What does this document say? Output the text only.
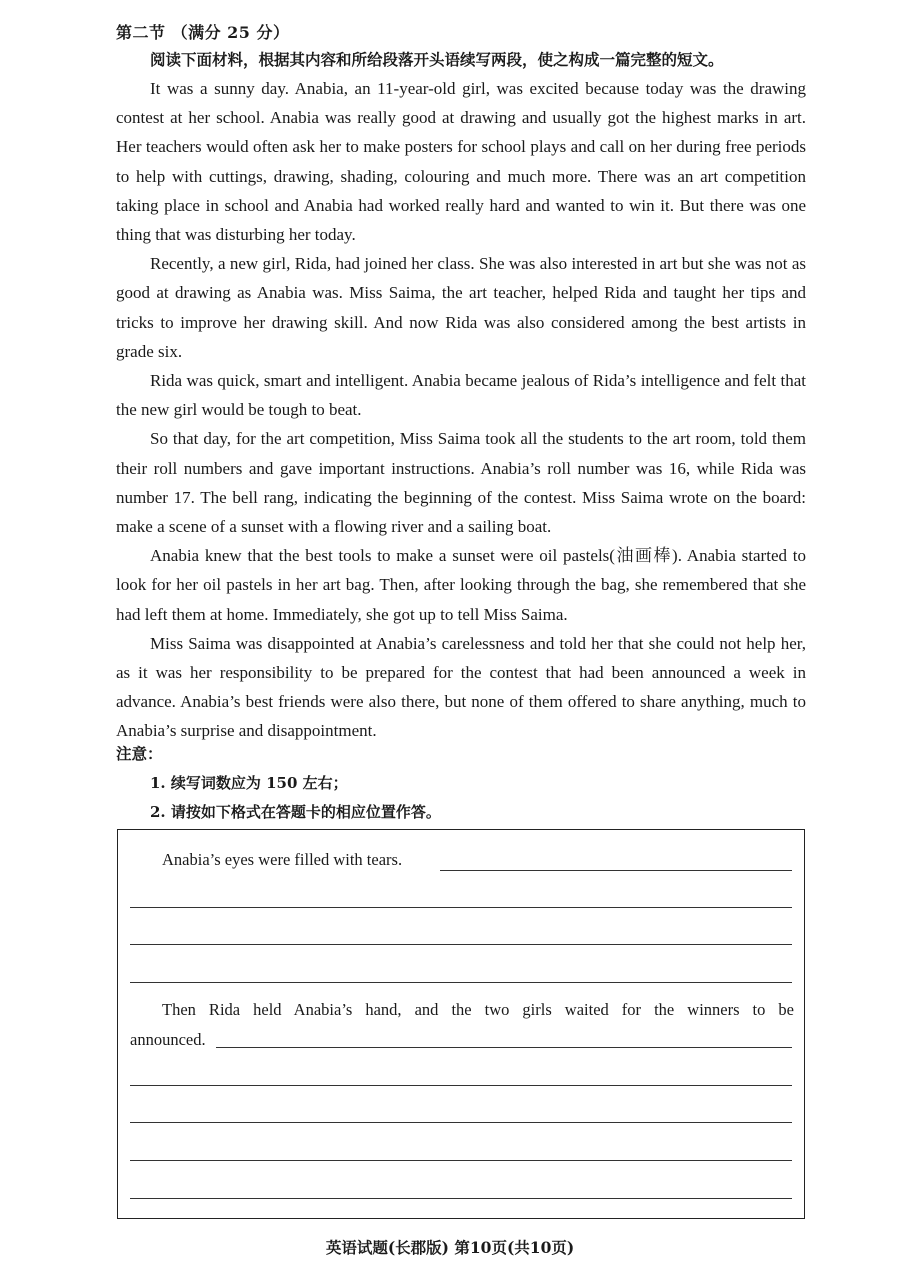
第二节 （满分 25 分）
阅读下面材料，根据其内容和所给段落开头语续写两段，使之构成一篇完整的短文。

It was a sunny day. Anabia, an 11-year-old girl, was excited because today was the drawing contest at her school. Anabia was really good at drawing and usually got the highest marks in art. Her teachers would often ask her to make posters for school plays and call on her during free periods to help with cuttings, drawing, shading, colouring and much more. There was an art competition taking place in school and Anabia had worked really hard and wanted to win it. But there was one thing that was disturbing her today.

Recently, a new girl, Rida, had joined her class. She was also interested in art but she was not as good at drawing as Anabia was. Miss Saima, the art teacher, helped Rida and taught her tips and tricks to improve her drawing skill. And now Rida was also considered among the best artists in grade six.

Rida was quick, smart and intelligent. Anabia became jealous of Rida’s intelligence and felt that the new girl would be tough to beat.

So that day, for the art competition, Miss Saima took all the students to the art room, told them their roll numbers and gave important instructions. Anabia’s roll number was 16, while Rida was number 17. The bell rang, indicating the beginning of the contest. Miss Saima wrote on the board: make a scene of a sunset with a flowing river and a sailing boat.

Anabia knew that the best tools to make a sunset were oil pastels(油画棒). Anabia started to look for her oil pastels in her art bag. Then, after looking through the bag, she remembered that she had left them at home. Immediately, she got up to tell Miss Saima.

Miss Saima was disappointed at Anabia’s carelessness and told her that she could not help her, as it was her responsibility to be prepared for the contest that had been announced a week in advance. Anabia’s best friends were also there, but none of them offered to share anything, much to Anabia’s surprise and disappointment.

注意：
1. 续写词数应为 150 左右；
2. 请按如下格式在答题卡的相应位置作答。
Anabia’s eyes were filled with tears.
Then Rida held Anabia’s hand, and the two girls waited for the winners to be
announced.
英语试题(长郡版) 第10页(共10页)
